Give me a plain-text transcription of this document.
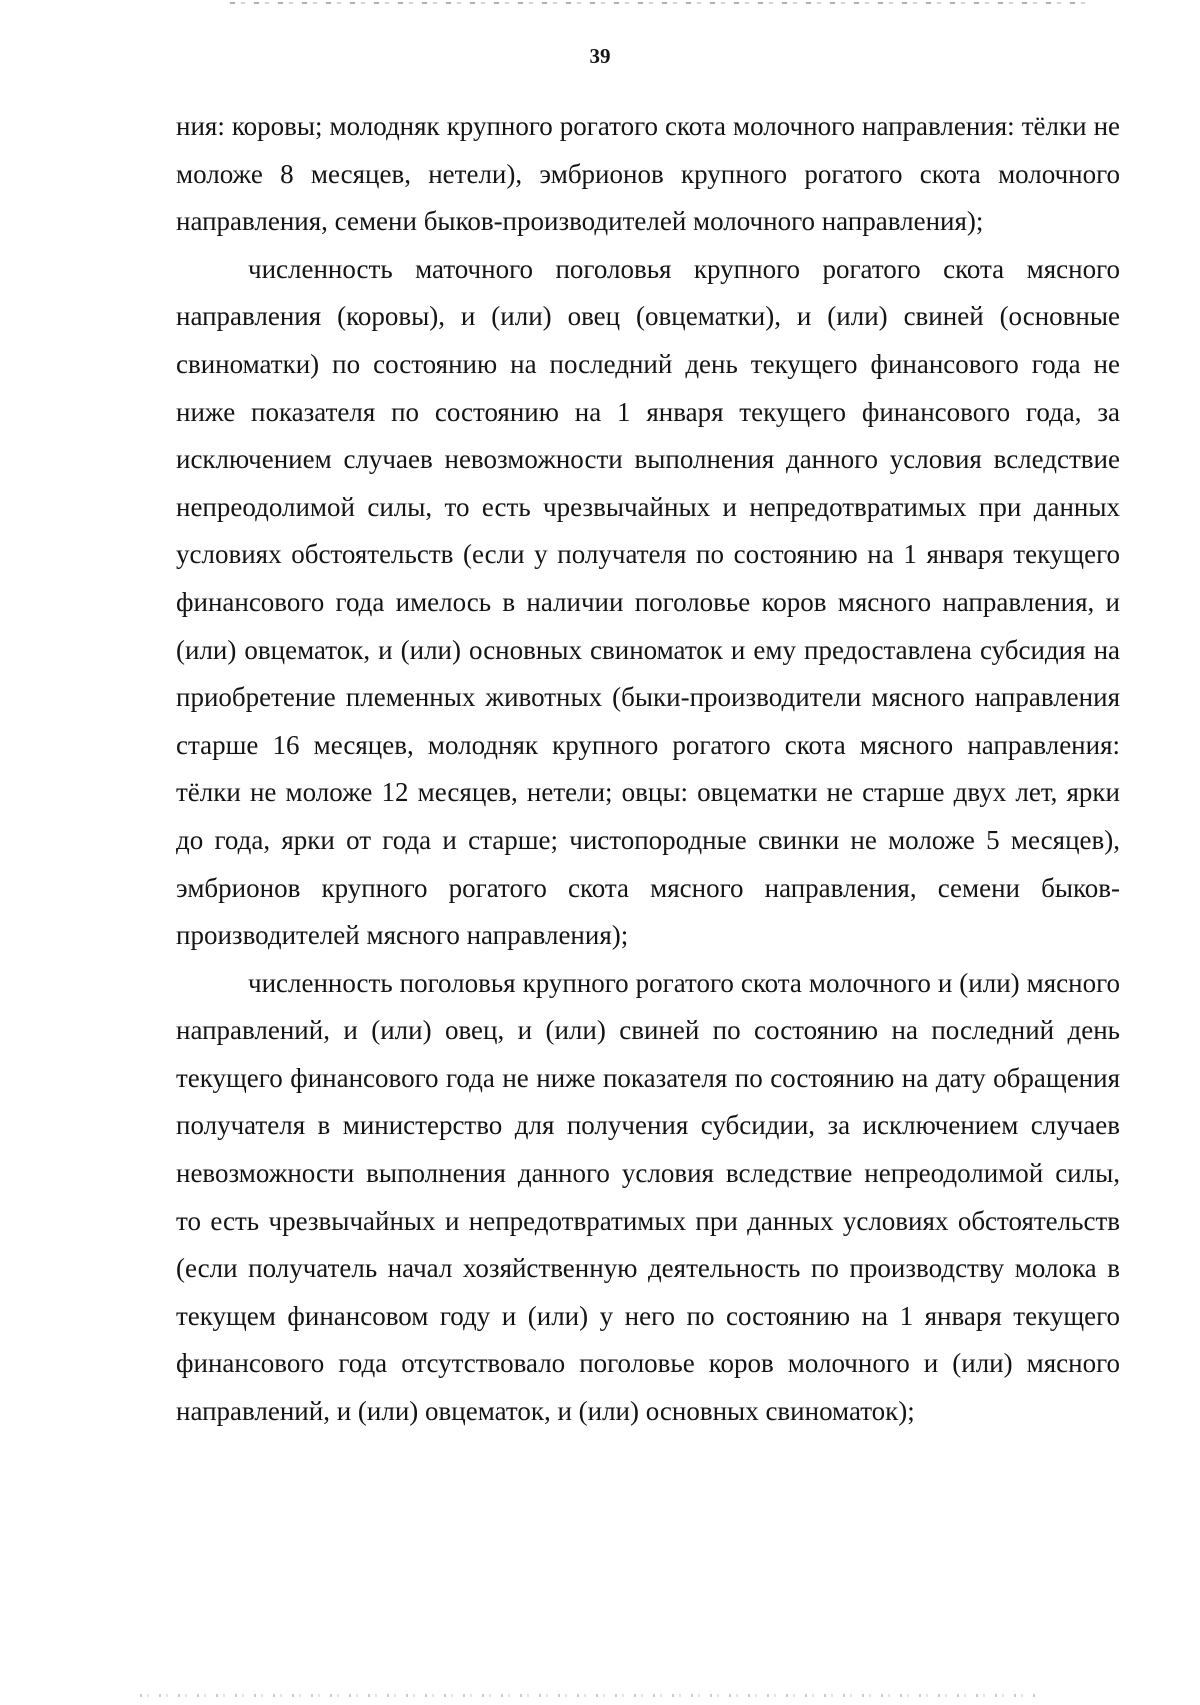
39

ния: коровы; молодняк крупного рогатого скота молочного направления: тёлки не моложе 8 месяцев, нетели), эмбрионов крупного рогатого скота молочного направления, семени быков-производителей молочного направления);

численность маточного поголовья крупного рогатого скота мясного направления (коровы), и (или) овец (овцематки), и (или) свиней (основные свиноматки) по состоянию на последний день текущего финансового года не ниже показателя по состоянию на 1 января текущего финансового года, за исключением случаев невозможности выполнения данного условия вследствие непреодолимой силы, то есть чрезвычайных и непредотвратимых при данных условиях обстоятельств (если у получателя по состоянию на 1 января текущего финансового года имелось в наличии поголовье коров мясного направления, и (или) овцематок, и (или) основных свиноматок и ему предоставлена субсидия на приобретение племенных животных (быки-производители мясного направления старше 16 месяцев, молодняк крупного рогатого скота мясного направления: тёлки не моложе 12 месяцев, нетели; овцы: овцематки не старше двух лет, ярки до года, ярки от года и старше; чистопородные свинки не моложе 5 месяцев), эмбрионов крупного рогатого скота мясного направления, семени быков-производителей мясного направления);

численность поголовья крупного рогатого скота молочного и (или) мясного направлений, и (или) овец, и (или) свиней по состоянию на последний день текущего финансового года не ниже показателя по состоянию на дату обращения получателя в министерство для получения субсидии, за исключением случаев невозможности выполнения данного условия вследствие непреодолимой силы, то есть чрезвычайных и непредотвратимых при данных условиях обстоятельств (если получатель начал хозяйственную деятельность по производству молока в текущем финансовом году и (или) у него по состоянию на 1 января текущего финансового года отсутствовало поголовье коров молочного и (или) мясного направлений, и (или) овцематок, и (или) основных свиноматок);
